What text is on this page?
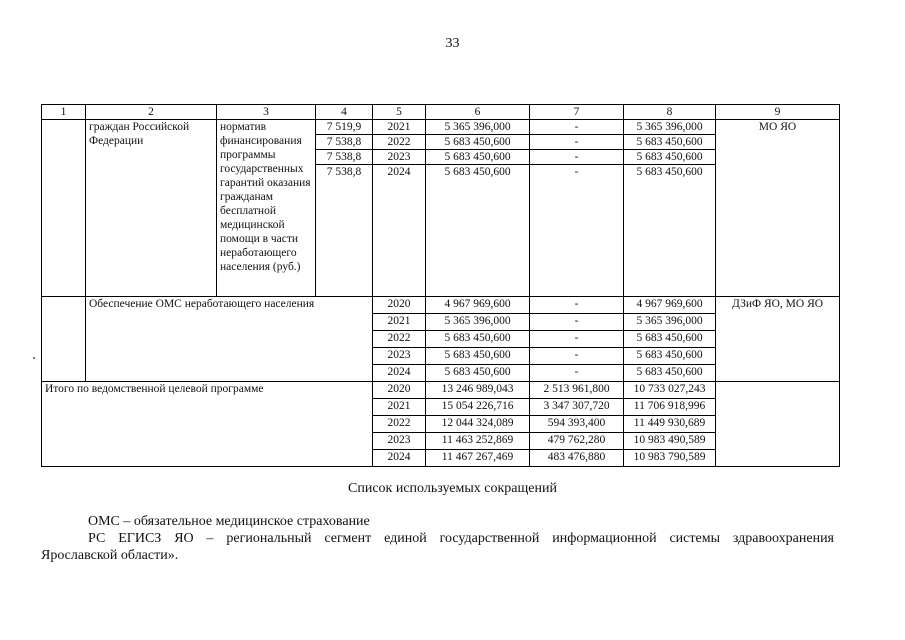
33
1	2	3	4	5	6	7	8	9
	граждан Российской Федерации	норматив финансирования программы государственных гарантий оказания гражданам бесплатной медицинской помощи в части неработающего населения (руб.)	7 519,9	2021	5 365 396,000	-	5 365 396,000	МО ЯО
			7 538,8	2022	5 683 450,600	-	5 683 450,600	
			7 538,8	2023	5 683 450,600	-	5 683 450,600	
			7 538,8	2024	5 683 450,600	-	5 683 450,600	
	Обеспечение ОМС неработающего населения			2020	4 967 969,600	-	4 967 969,600	ДЗиФ ЯО, МО ЯО
				2021	5 365 396,000	-	5 365 396,000	
				2022	5 683 450,600	-	5 683 450,600	
				2023	5 683 450,600	-	5 683 450,600	
				2024	5 683 450,600	-	5 683 450,600	
Итого по ведомственной целевой программе				2020	13 246 989,043	2 513 961,800	10 733 027,243	
				2021	15 054 226,716	3 347 307,720	11 706 918,996	
				2022	12 044 324,089	594 393,400	11 449 930,689	
				2023	11 463 252,869	479 762,280	10 983 490,589	
				2024	11 467 267,469	483 476,880	10 983 790,589	
Список используемых сокращений
ОМС – обязательное медицинское страхование
РС ЕГИСЗ ЯО – региональный сегмент единой государственной информационной системы здравоохранения
Ярославской области».
